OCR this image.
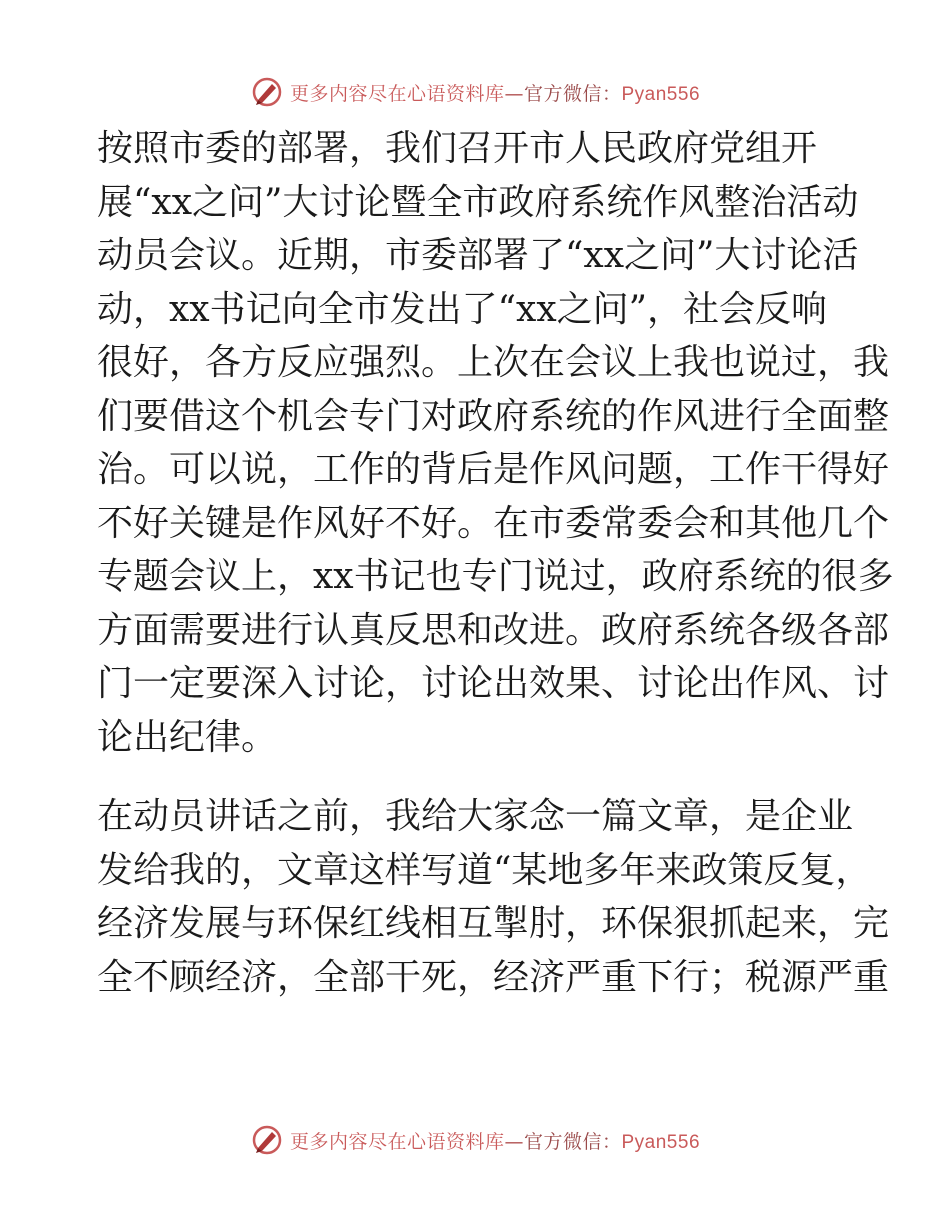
更多内容尽在心语资料库—官方微信：Pyan556

按照市委的部署，我们召开市人民政府党组开
展“xx之问”大讨论暨全市政府系统作风整治活动
动员会议。近期，市委部署了“xx之问”大讨论活
动，xx书记向全市发出了“xx之问”，社会反响
很好，各方反应强烈。上次在会议上我也说过，我
们要借这个机会专门对政府系统的作风进行全面整
治。可以说，工作的背后是作风问题，工作干得好
不好关键是作风好不好。在市委常委会和其他几个
专题会议上，xx书记也专门说过，政府系统的很多
方面需要进行认真反思和改进。政府系统各级各部
门一定要深入讨论，讨论出效果、讨论出作风、讨
论出纪律。

在动员讲话之前，我给大家念一篇文章，是企业
发给我的，文章这样写道“某地多年来政策反复，
经济发展与环保红线相互掣肘，环保狠抓起来，完
全不顾经济，全部干死，经济严重下行；税源严重

更多内容尽在心语资料库—官方微信：Pyan556
